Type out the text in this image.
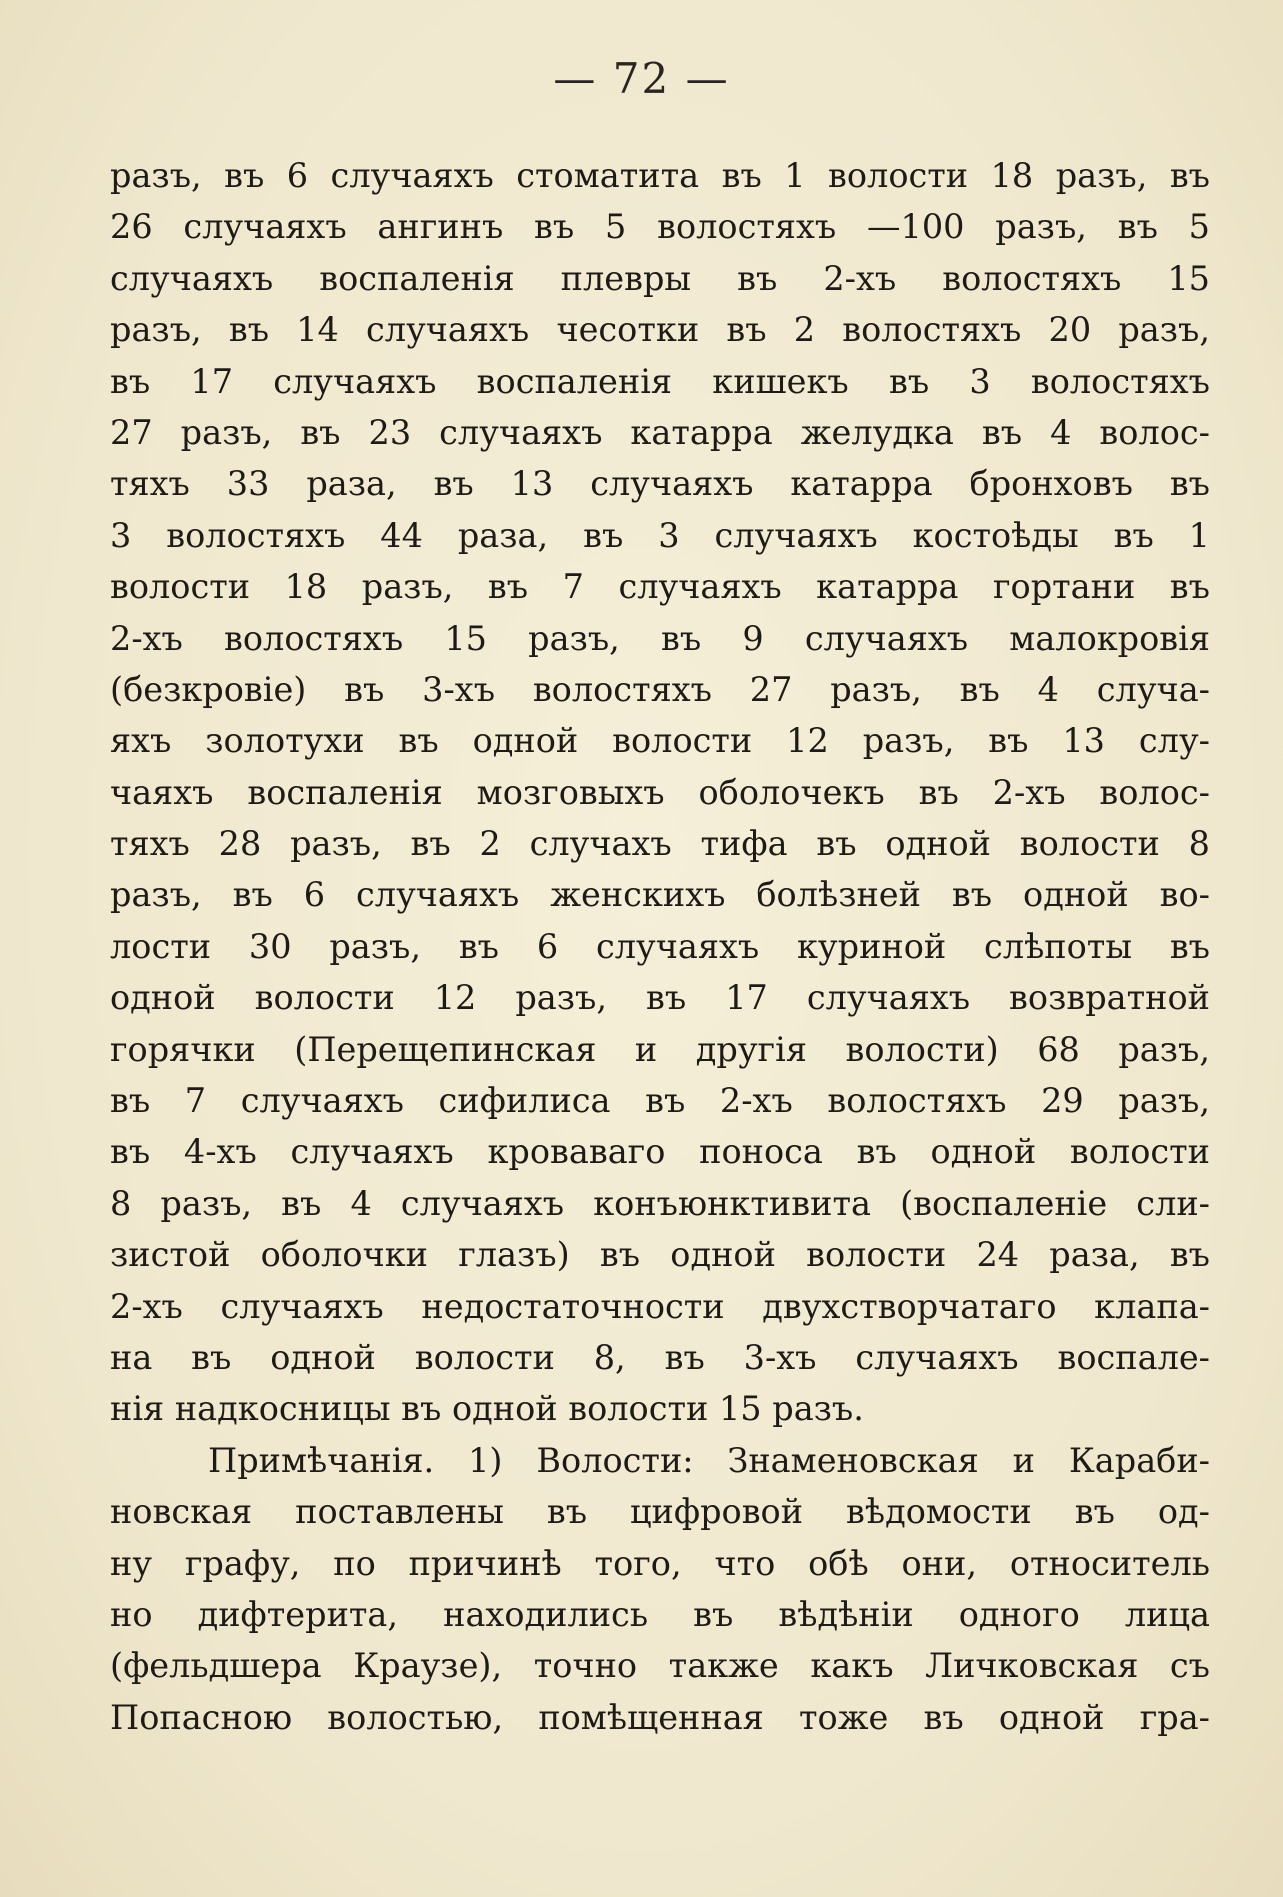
— 72 —
разъ, въ 6 случаяхъ стоматита въ 1 волости 18 разъ, въ
26 случаяхъ ангинъ въ 5 волостяхъ —100 разъ, въ 5
случаяхъ воспаленія плевры въ 2-хъ волостяхъ 15
разъ, въ 14 случаяхъ чесотки въ 2 волостяхъ 20 разъ,
въ 17 случаяхъ воспаленія кишекъ въ 3 волостяхъ
27 разъ, въ 23 случаяхъ катарра желудка въ 4 волос-
тяхъ 33 раза, въ 13 случаяхъ катарра бронховъ въ
3 волостяхъ 44 раза, въ 3 случаяхъ костоѣды въ 1
волости 18 разъ, въ 7 случаяхъ катарра гортани въ
2-хъ волостяхъ 15 разъ, въ 9 случаяхъ малокровія
(безкровіе) въ 3-хъ волостяхъ 27 разъ, въ 4 случа-
яхъ золотухи въ одной волости 12 разъ, въ 13 слу-
чаяхъ воспаленія мозговыхъ оболочекъ въ 2-хъ волос-
тяхъ 28 разъ, въ 2 случахъ тифа въ одной волости 8
разъ, въ 6 случаяхъ женскихъ болѣзней въ одной во-
лости 30 разъ, въ 6 случаяхъ куриной слѣпоты въ
одной волости 12 разъ, въ 17 случаяхъ возвратной
горячки (Перещепинская и другія волости) 68 разъ,
въ 7 случаяхъ сифилиса въ 2-хъ волостяхъ 29 разъ,
въ 4-хъ случаяхъ кроваваго поноса въ одной волости
8 разъ, въ 4 случаяхъ конъюнктивита (воспаленіе сли-
зистой оболочки глазъ) въ одной волости 24 раза, въ
2-хъ случаяхъ недостаточности двухстворчатаго клапа-
на въ одной волости 8, въ 3-хъ случаяхъ воспале-
нія надкосницы въ одной волости 15 разъ.
Примѣчанія. 1) Волости: Знаменовская и Караби-
новская поставлены въ цифровой вѣдомости въ од-
ну графу, по причинѣ того, что обѣ они, относитель
но дифтерита, находились въ вѣдѣніи одного лица
(фельдшера Краузе), точно также какъ Личковская съ
Попасною волостью, помѣщенная тоже въ одной гра-
